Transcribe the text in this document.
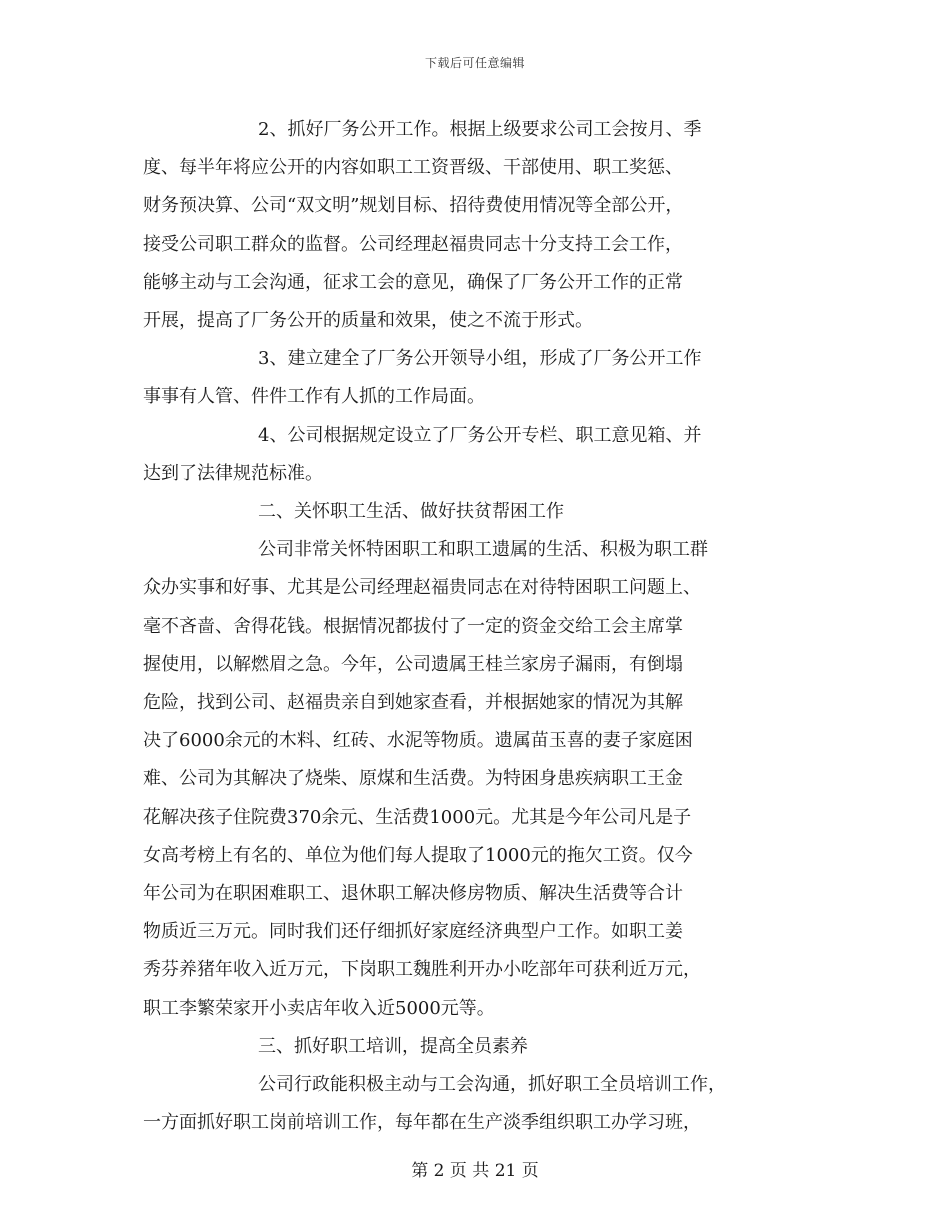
下载后可任意编辑
2、抓好厂务公开工作。根据上级要求公司工会按月、季
度、每半年将应公开的内容如职工工资晋级、干部使用、职工奖惩、
财务预决算、公司“双文明”规划目标、招待费使用情况等全部公开，
接受公司职工群众的监督。公司经理赵福贵同志十分支持工会工作，
能够主动与工会沟通，征求工会的意见，确保了厂务公开工作的正常
开展，提高了厂务公开的质量和效果，使之不流于形式。
3、建立建全了厂务公开领导小组，形成了厂务公开工作
事事有人管、件件工作有人抓的工作局面。
4、公司根据规定设立了厂务公开专栏、职工意见箱、并
达到了法律规范标准。
二、关怀职工生活、做好扶贫帮困工作
公司非常关怀特困职工和职工遗属的生活、积极为职工群
众办实事和好事、尤其是公司经理赵福贵同志在对待特困职工问题上、
毫不吝啬、舍得花钱。根据情况都拔付了一定的资金交给工会主席掌
握使用，以解燃眉之急。今年，公司遗属王桂兰家房子漏雨，有倒塌
危险，找到公司、赵福贵亲自到她家查看，并根据她家的情况为其解
决了6000余元的木料、红砖、水泥等物质。遗属苗玉喜的妻子家庭困
难、公司为其解决了烧柴、原煤和生活费。为特困身患疾病职工王金
花解决孩子住院费370余元、生活费1000元。尤其是今年公司凡是子
女高考榜上有名的、单位为他们每人提取了1000元的拖欠工资。仅今
年公司为在职困难职工、退休职工解决修房物质、解决生活费等合计
物质近三万元。同时我们还仔细抓好家庭经济典型户工作。如职工姜
秀芬养猪年收入近万元，下岗职工魏胜利开办小吃部年可获利近万元，
职工李繁荣家开小卖店年收入近5000元等。
三、抓好职工培训，提高全员素养
公司行政能积极主动与工会沟通，抓好职工全员培训工作，
一方面抓好职工岗前培训工作，每年都在生产淡季组织职工办学习班，
第 2 页 共 21 页
